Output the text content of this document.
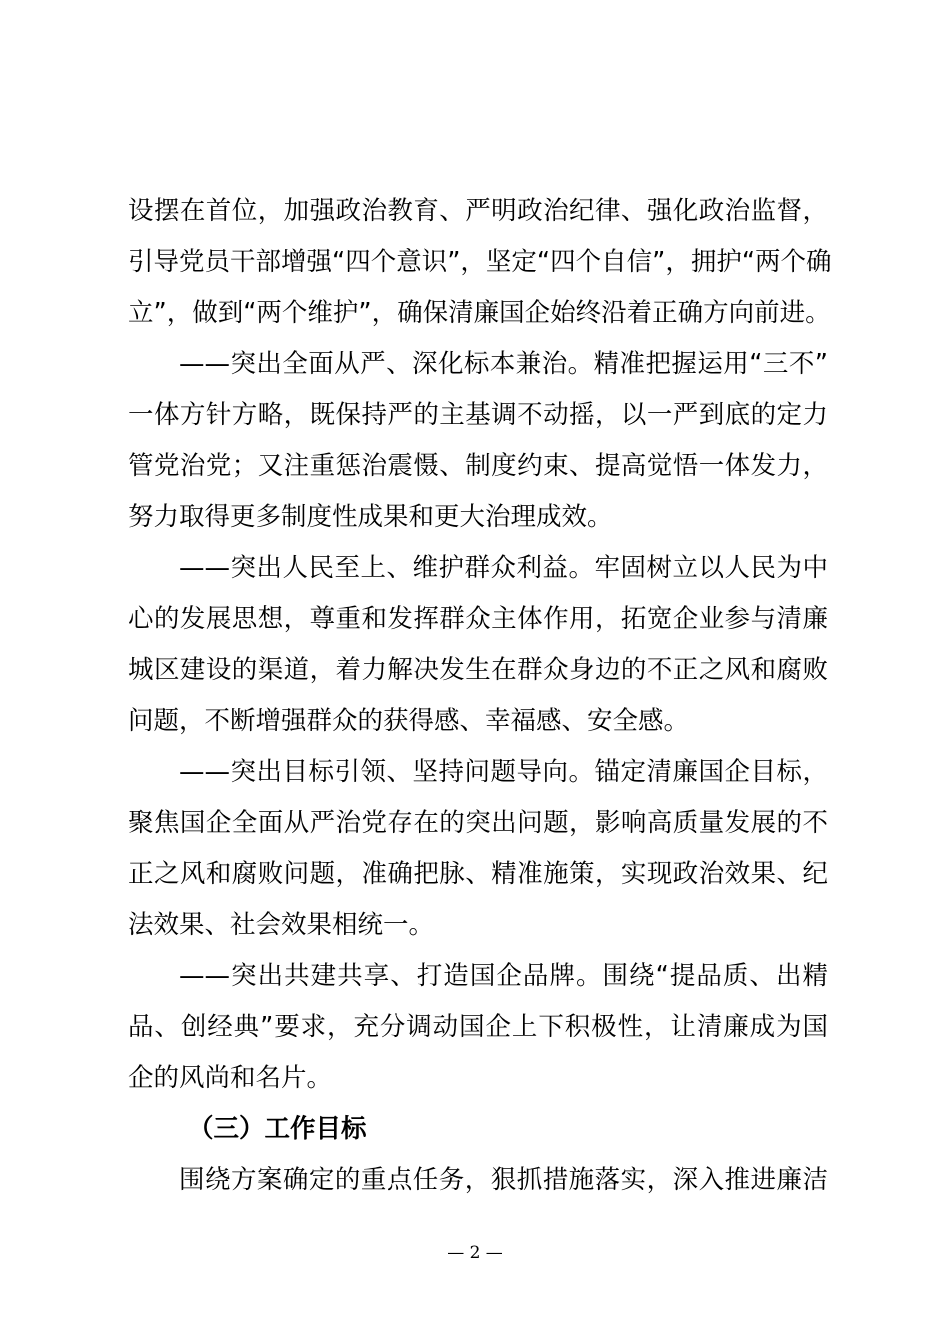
设摆在首位，加强政治教育、严明政治纪律、强化政治监督，
引导党员干部增强“四个意识”，坚定“四个自信”，拥护“两个确
立”，做到“两个维护”，确保清廉国企始终沿着正确方向前进。
——突出全面从严、深化标本兼治。精准把握运用“三不”
一体方针方略，既保持严的主基调不动摇，以一严到底的定力
管党治党；又注重惩治震慑、制度约束、提高觉悟一体发力，
努力取得更多制度性成果和更大治理成效。
——突出人民至上、维护群众利益。牢固树立以人民为中
心的发展思想，尊重和发挥群众主体作用，拓宽企业参与清廉
城区建设的渠道，着力解决发生在群众身边的不正之风和腐败
问题，不断增强群众的获得感、幸福感、安全感。
——突出目标引领、坚持问题导向。锚定清廉国企目标，
聚焦国企全面从严治党存在的突出问题，影响高质量发展的不
正之风和腐败问题，准确把脉、精准施策，实现政治效果、纪
法效果、社会效果相统一。
——突出共建共享、打造国企品牌。围绕“提品质、出精
品、创经典”要求，充分调动国企上下积极性，让清廉成为国
企的风尚和名片。
（三）工作目标
围绕方案确定的重点任务，狠抓措施落实，深入推进廉洁
— 2 —
